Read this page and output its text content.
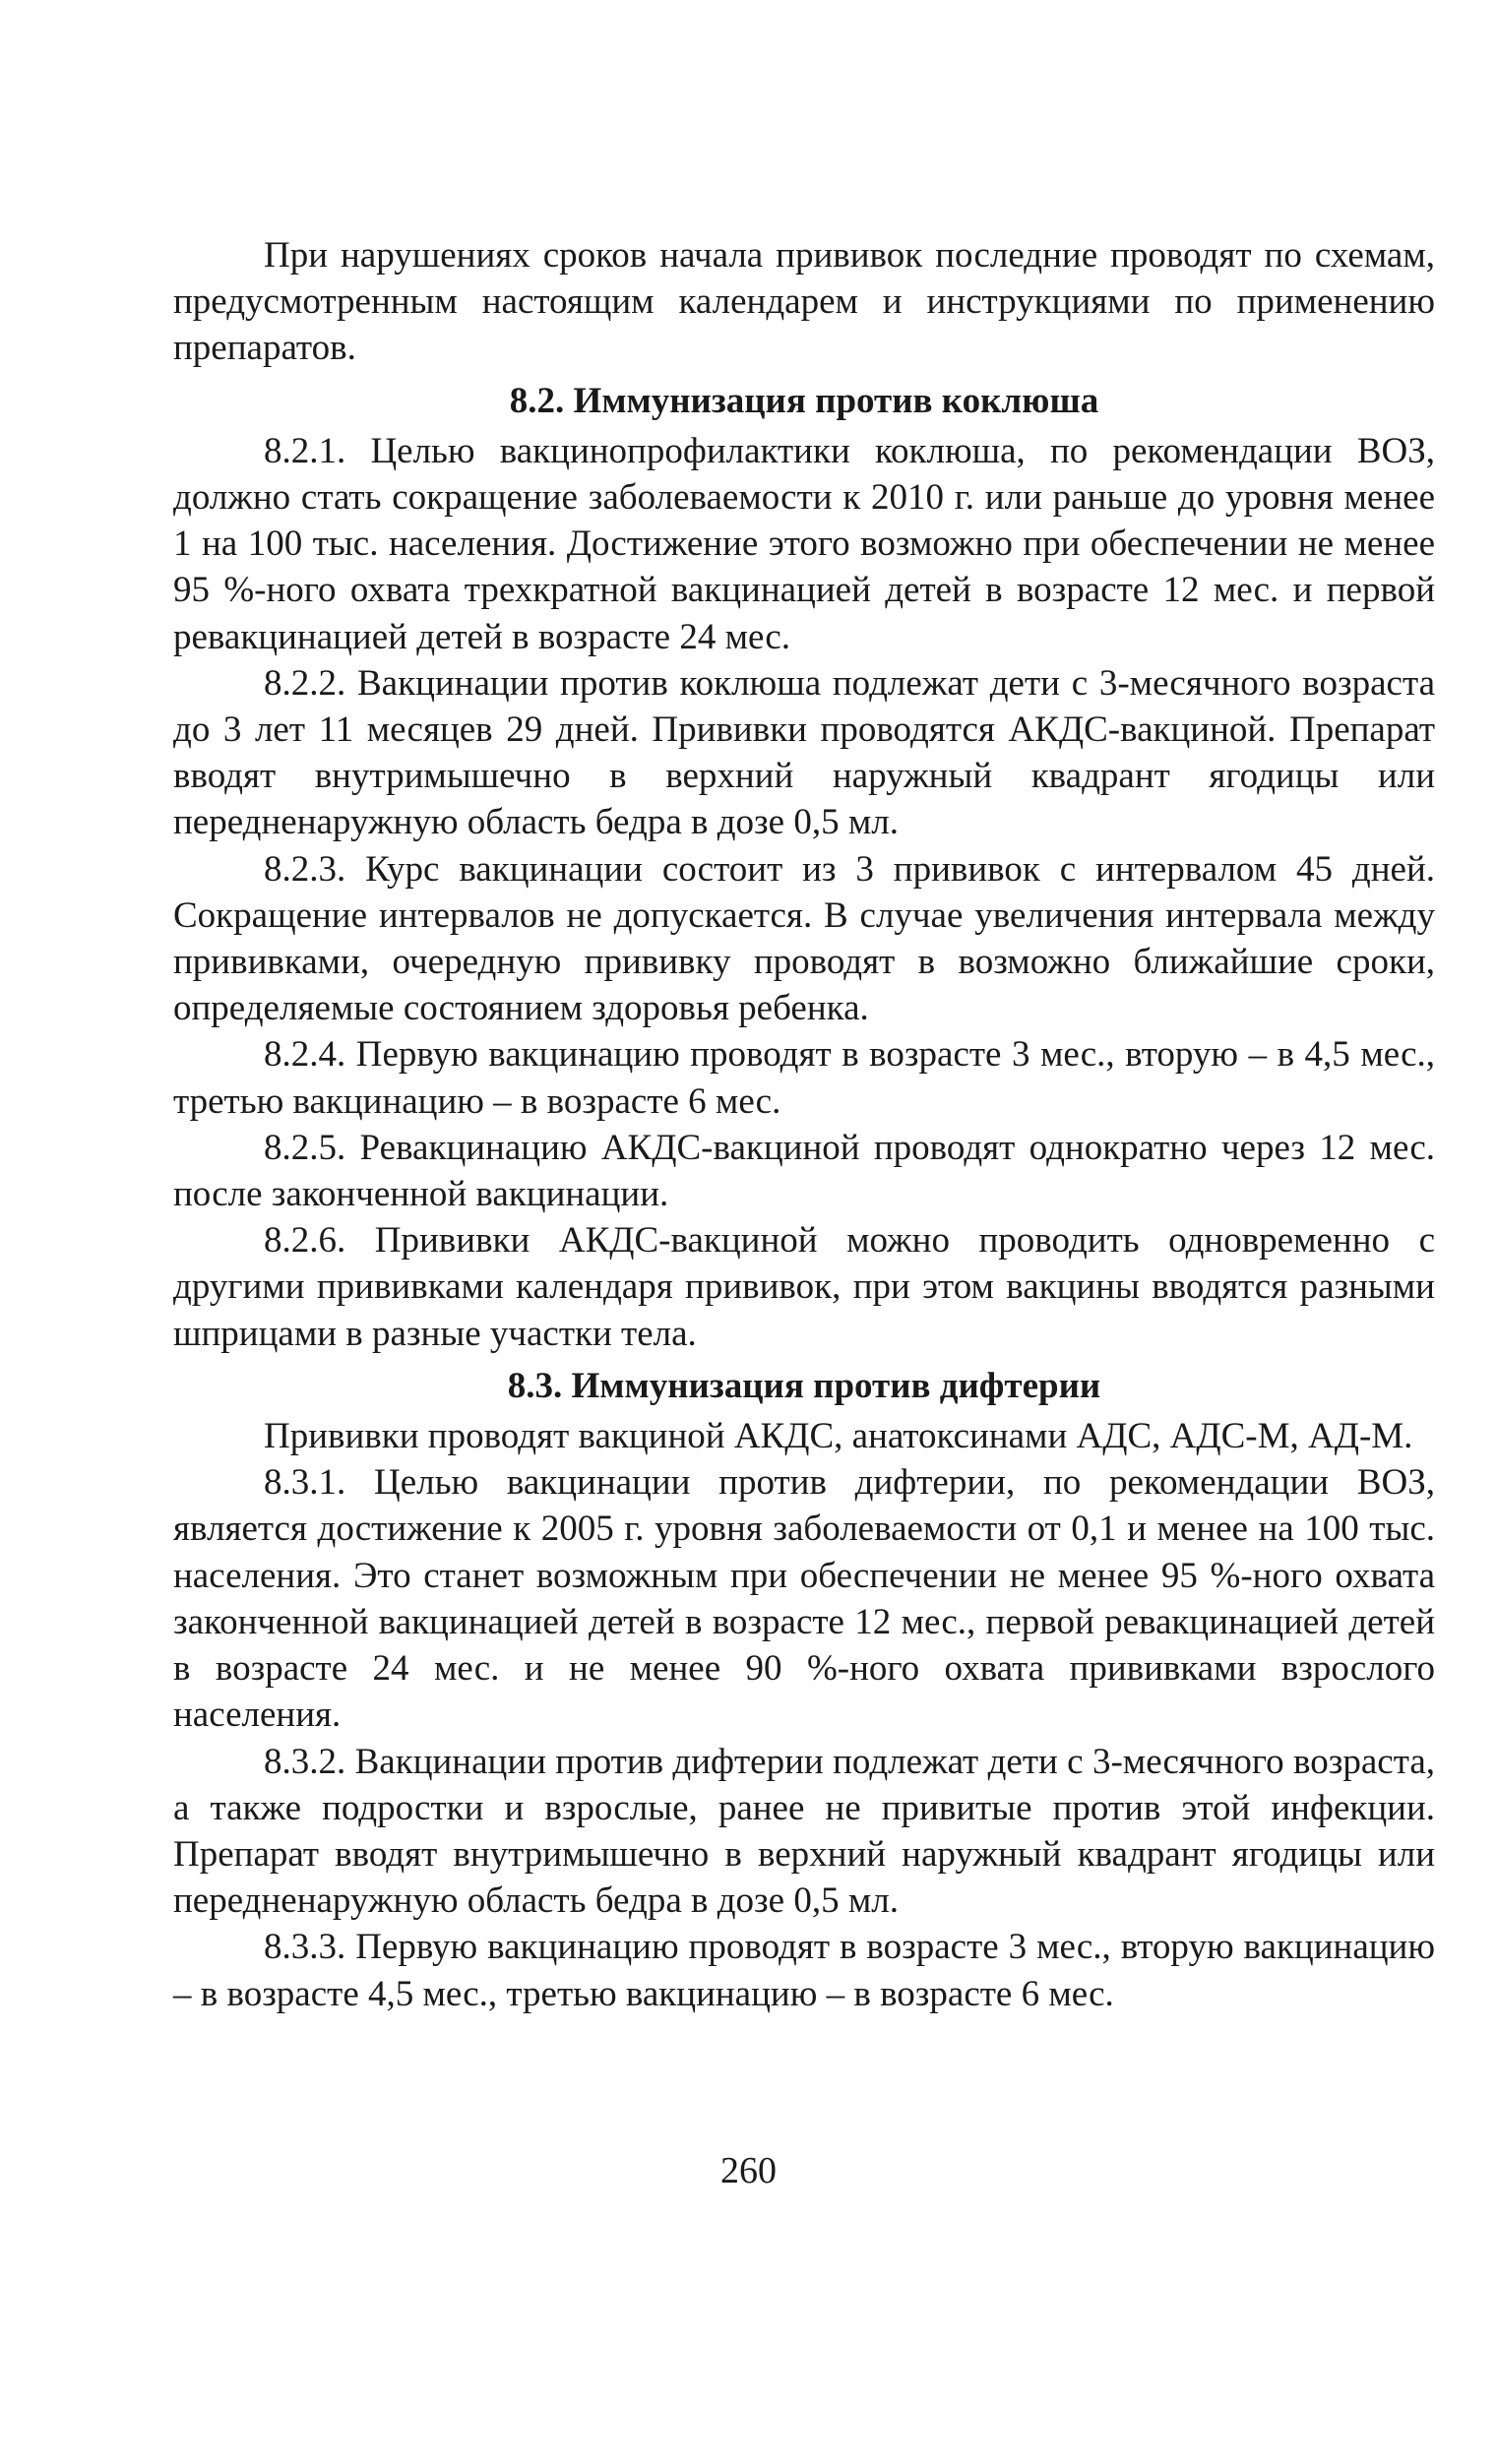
При нарушениях сроков начала прививок последние проводят по схемам, предусмотренным настоящим календарем и инструкциями по применению препаратов.

8.2. Иммунизация против коклюша

8.2.1. Целью вакцинопрофилактики коклюша, по рекомендации ВОЗ, должно стать сокращение заболеваемости к 2010 г. или раньше до уровня менее 1 на 100 тыс. населения. Достижение этого возможно при обеспечении не менее 95 %-ного охвата трехкратной вакцинацией детей в возрасте 12 мес. и первой ревакцинацией детей в возрасте 24 мес.

8.2.2. Вакцинации против коклюша подлежат дети с 3-месячного возраста до 3 лет 11 месяцев 29 дней. Прививки проводятся АКДС-вакциной. Препарат вводят внутримышечно в верхний наружный квадрант ягодицы или передненаружную область бедра в дозе 0,5 мл.

8.2.3. Курс вакцинации состоит из 3 прививок с интервалом 45 дней. Сокращение интервалов не допускается. В случае увеличения интервала между прививками, очередную прививку проводят в возможно ближайшие сроки, определяемые состоянием здоровья ребенка.

8.2.4. Первую вакцинацию проводят в возрасте 3 мес., вторую – в 4,5 мес., третью вакцинацию – в возрасте 6 мес.

8.2.5. Ревакцинацию АКДС-вакциной проводят однократно через 12 мес. после законченной вакцинации.

8.2.6. Прививки АКДС-вакциной можно проводить одновременно с другими прививками календаря прививок, при этом вакцины вводятся разными шприцами в разные участки тела.

8.3. Иммунизация против дифтерии

Прививки проводят вакциной АКДС, анатоксинами АДС, АДС-М, АД-М.

8.3.1. Целью вакцинации против дифтерии, по рекомендации ВОЗ, является достижение к 2005 г. уровня заболеваемости от 0,1 и менее на 100 тыс. населения. Это станет возможным при обеспечении не менее 95 %-ного охвата законченной вакцинацией детей в возрасте 12 мес., первой ревакцинацией детей в возрасте 24 мес. и не менее 90 %-ного охвата прививками взрослого населения.

8.3.2. Вакцинации против дифтерии подлежат дети с 3-месячного возраста, а также подростки и взрослые, ранее не привитые против этой инфекции. Препарат вводят внутримышечно в верхний наружный квадрант ягодицы или передненаружную область бедра в дозе 0,5 мл.

8.3.3. Первую вакцинацию проводят в возрасте 3 мес., вторую вакцинацию – в возрасте 4,5 мес., третью вакцинацию – в возрасте 6 мес.

260
